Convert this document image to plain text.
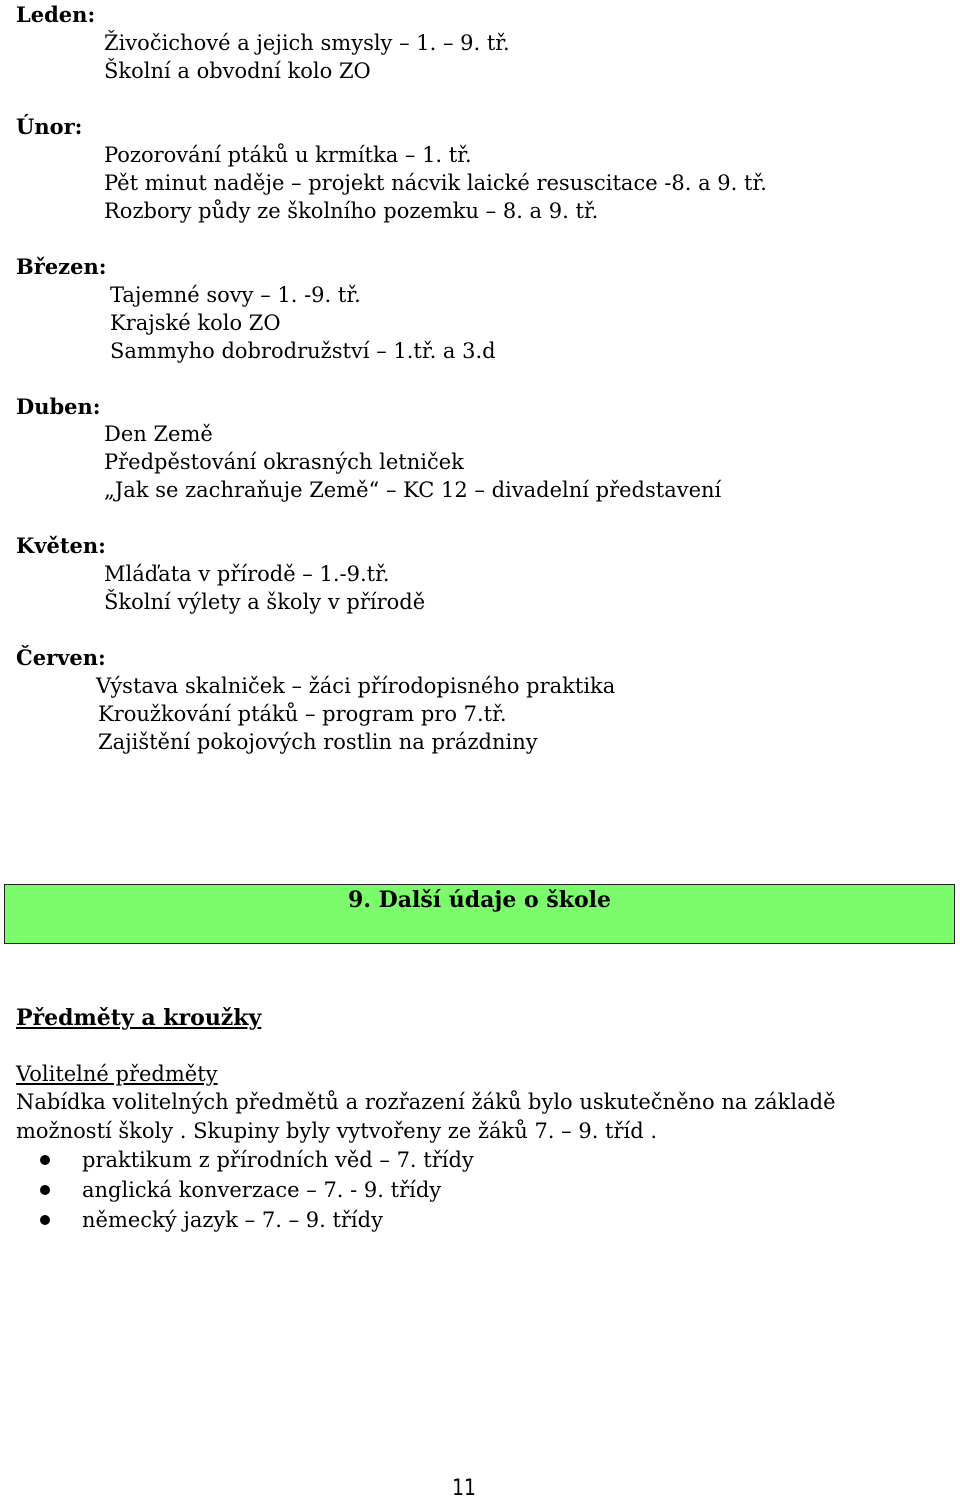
Leden:
Živočichové a jejich smysly – 1. – 9. tř.
Školní a obvodní kolo ZO
Únor:
Pozorování ptáků u krmítka – 1. tř.
Pět minut naděje – projekt nácvik laické resuscitace -8. a 9. tř.
Rozbory půdy ze školního pozemku – 8. a 9. tř.
Březen:
Tajemné sovy – 1. -9. tř.
Krajské kolo ZO
Sammyho dobrodružství – 1.tř. a 3.d
Duben:
Den Země
Předpěstování okrasných letniček
„Jak se zachraňuje Země“ – KC 12 – divadelní představení
Květen:
Mláďata v přírodě – 1.-9.tř.
Školní výlety a školy v přírodě
Červen:
Výstava skalniček – žáci přírodopisného praktika
Kroužkování ptáků – program pro 7.tř.
Zajištění pokojových rostlin na prázdniny
9. Další údaje o škole
Předměty a kroužky
Volitelné předměty
Nabídka volitelných předmětů a rozřazení žáků bylo uskutečněno na základě
možností školy . Skupiny byly vytvořeny ze žáků 7. – 9. tříd .
praktikum z přírodních věd – 7. třídy
anglická konverzace – 7. - 9. třídy
německý jazyk – 7. – 9. třídy
11
